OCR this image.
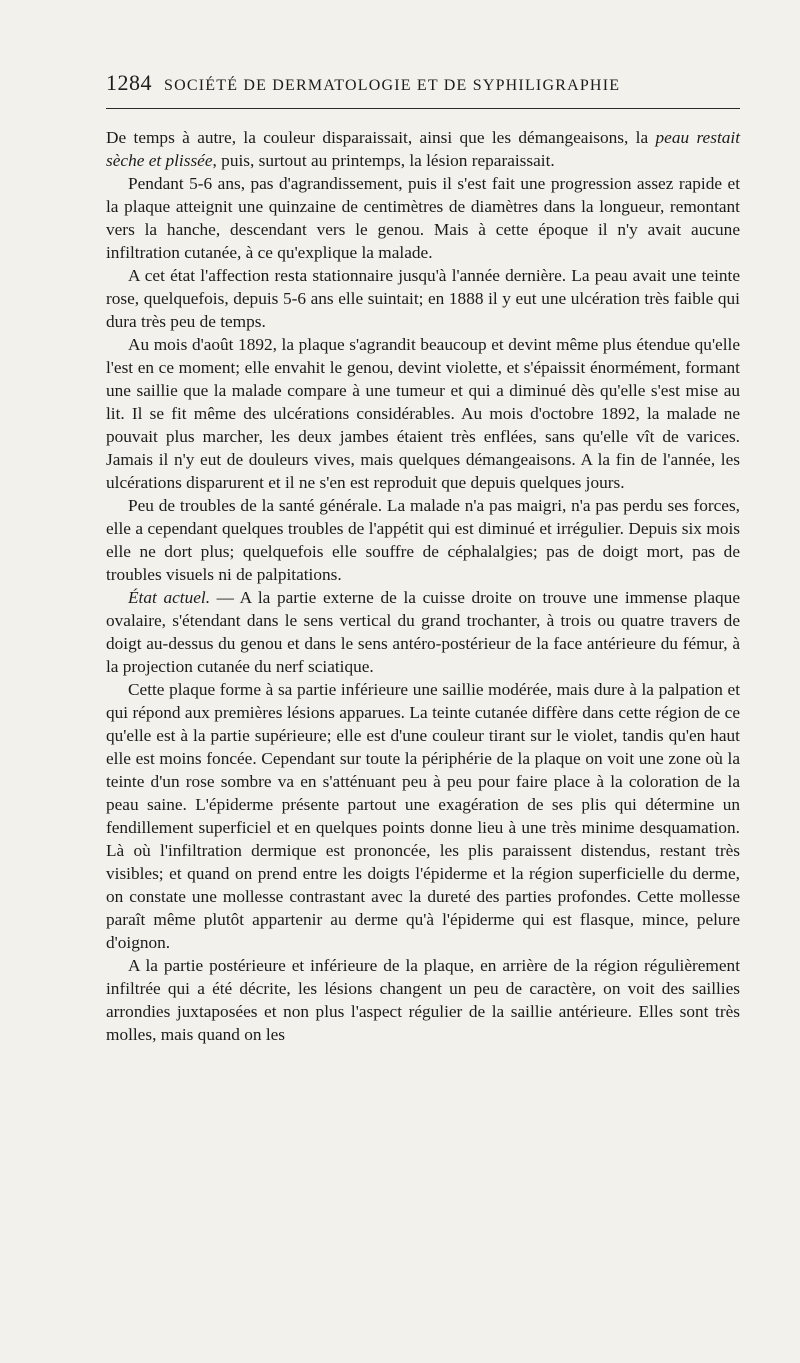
1284 SOCIÉTÉ DE DERMATOLOGIE ET DE SYPHILIGRAPHIE

De temps à autre, la couleur disparaissait, ainsi que les démangeaisons, la peau restait sèche et plissée, puis, surtout au printemps, la lésion reparaissait.

Pendant 5-6 ans, pas d'agrandissement, puis il s'est fait une progression assez rapide et la plaque atteignit une quinzaine de centimètres de diamètres dans la longueur, remontant vers la hanche, descendant vers le genou. Mais à cette époque il n'y avait aucune infiltration cutanée, à ce qu'explique la malade.

A cet état l'affection resta stationnaire jusqu'à l'année dernière. La peau avait une teinte rose, quelquefois, depuis 5-6 ans elle suintait; en 1888 il y eut une ulcération très faible qui dura très peu de temps.

Au mois d'août 1892, la plaque s'agrandit beaucoup et devint même plus étendue qu'elle l'est en ce moment; elle envahit le genou, devint violette, et s'épaissit énormément, formant une saillie que la malade compare à une tumeur et qui a diminué dès qu'elle s'est mise au lit. Il se fit même des ulcérations considérables. Au mois d'octobre 1892, la malade ne pouvait plus marcher, les deux jambes étaient très enflées, sans qu'elle vît de varices. Jamais il n'y eut de douleurs vives, mais quelques démangeaisons. A la fin de l'année, les ulcérations disparurent et il ne s'en est reproduit que depuis quelques jours.

Peu de troubles de la santé générale. La malade n'a pas maigri, n'a pas perdu ses forces, elle a cependant quelques troubles de l'appétit qui est diminué et irrégulier. Depuis six mois elle ne dort plus; quelquefois elle souffre de céphalalgies; pas de doigt mort, pas de troubles visuels ni de palpitations.

État actuel. — A la partie externe de la cuisse droite on trouve une immense plaque ovalaire, s'étendant dans le sens vertical du grand trochanter, à trois ou quatre travers de doigt au-dessus du genou et dans le sens antéro-postérieur de la face antérieure du fémur, à la projection cutanée du nerf sciatique.

Cette plaque forme à sa partie inférieure une saillie modérée, mais dure à la palpation et qui répond aux premières lésions apparues. La teinte cutanée diffère dans cette région de ce qu'elle est à la partie supérieure; elle est d'une couleur tirant sur le violet, tandis qu'en haut elle est moins foncée. Cependant sur toute la périphérie de la plaque on voit une zone où la teinte d'un rose sombre va en s'atténuant peu à peu pour faire place à la coloration de la peau saine. L'épiderme présente partout une exagération de ses plis qui détermine un fendillement superficiel et en quelques points donne lieu à une très minime desquamation. Là où l'infiltration dermique est prononcée, les plis paraissent distendus, restant très visibles; et quand on prend entre les doigts l'épiderme et la région superficielle du derme, on constate une mollesse contrastant avec la dureté des parties profondes. Cette mollesse paraît même plutôt appartenir au derme qu'à l'épiderme qui est flasque, mince, pelure d'oignon.

A la partie postérieure et inférieure de la plaque, en arrière de la région régulièrement infiltrée qui a été décrite, les lésions changent un peu de caractère, on voit des saillies arrondies juxtaposées et non plus l'aspect régulier de la saillie antérieure. Elles sont très molles, mais quand on les
